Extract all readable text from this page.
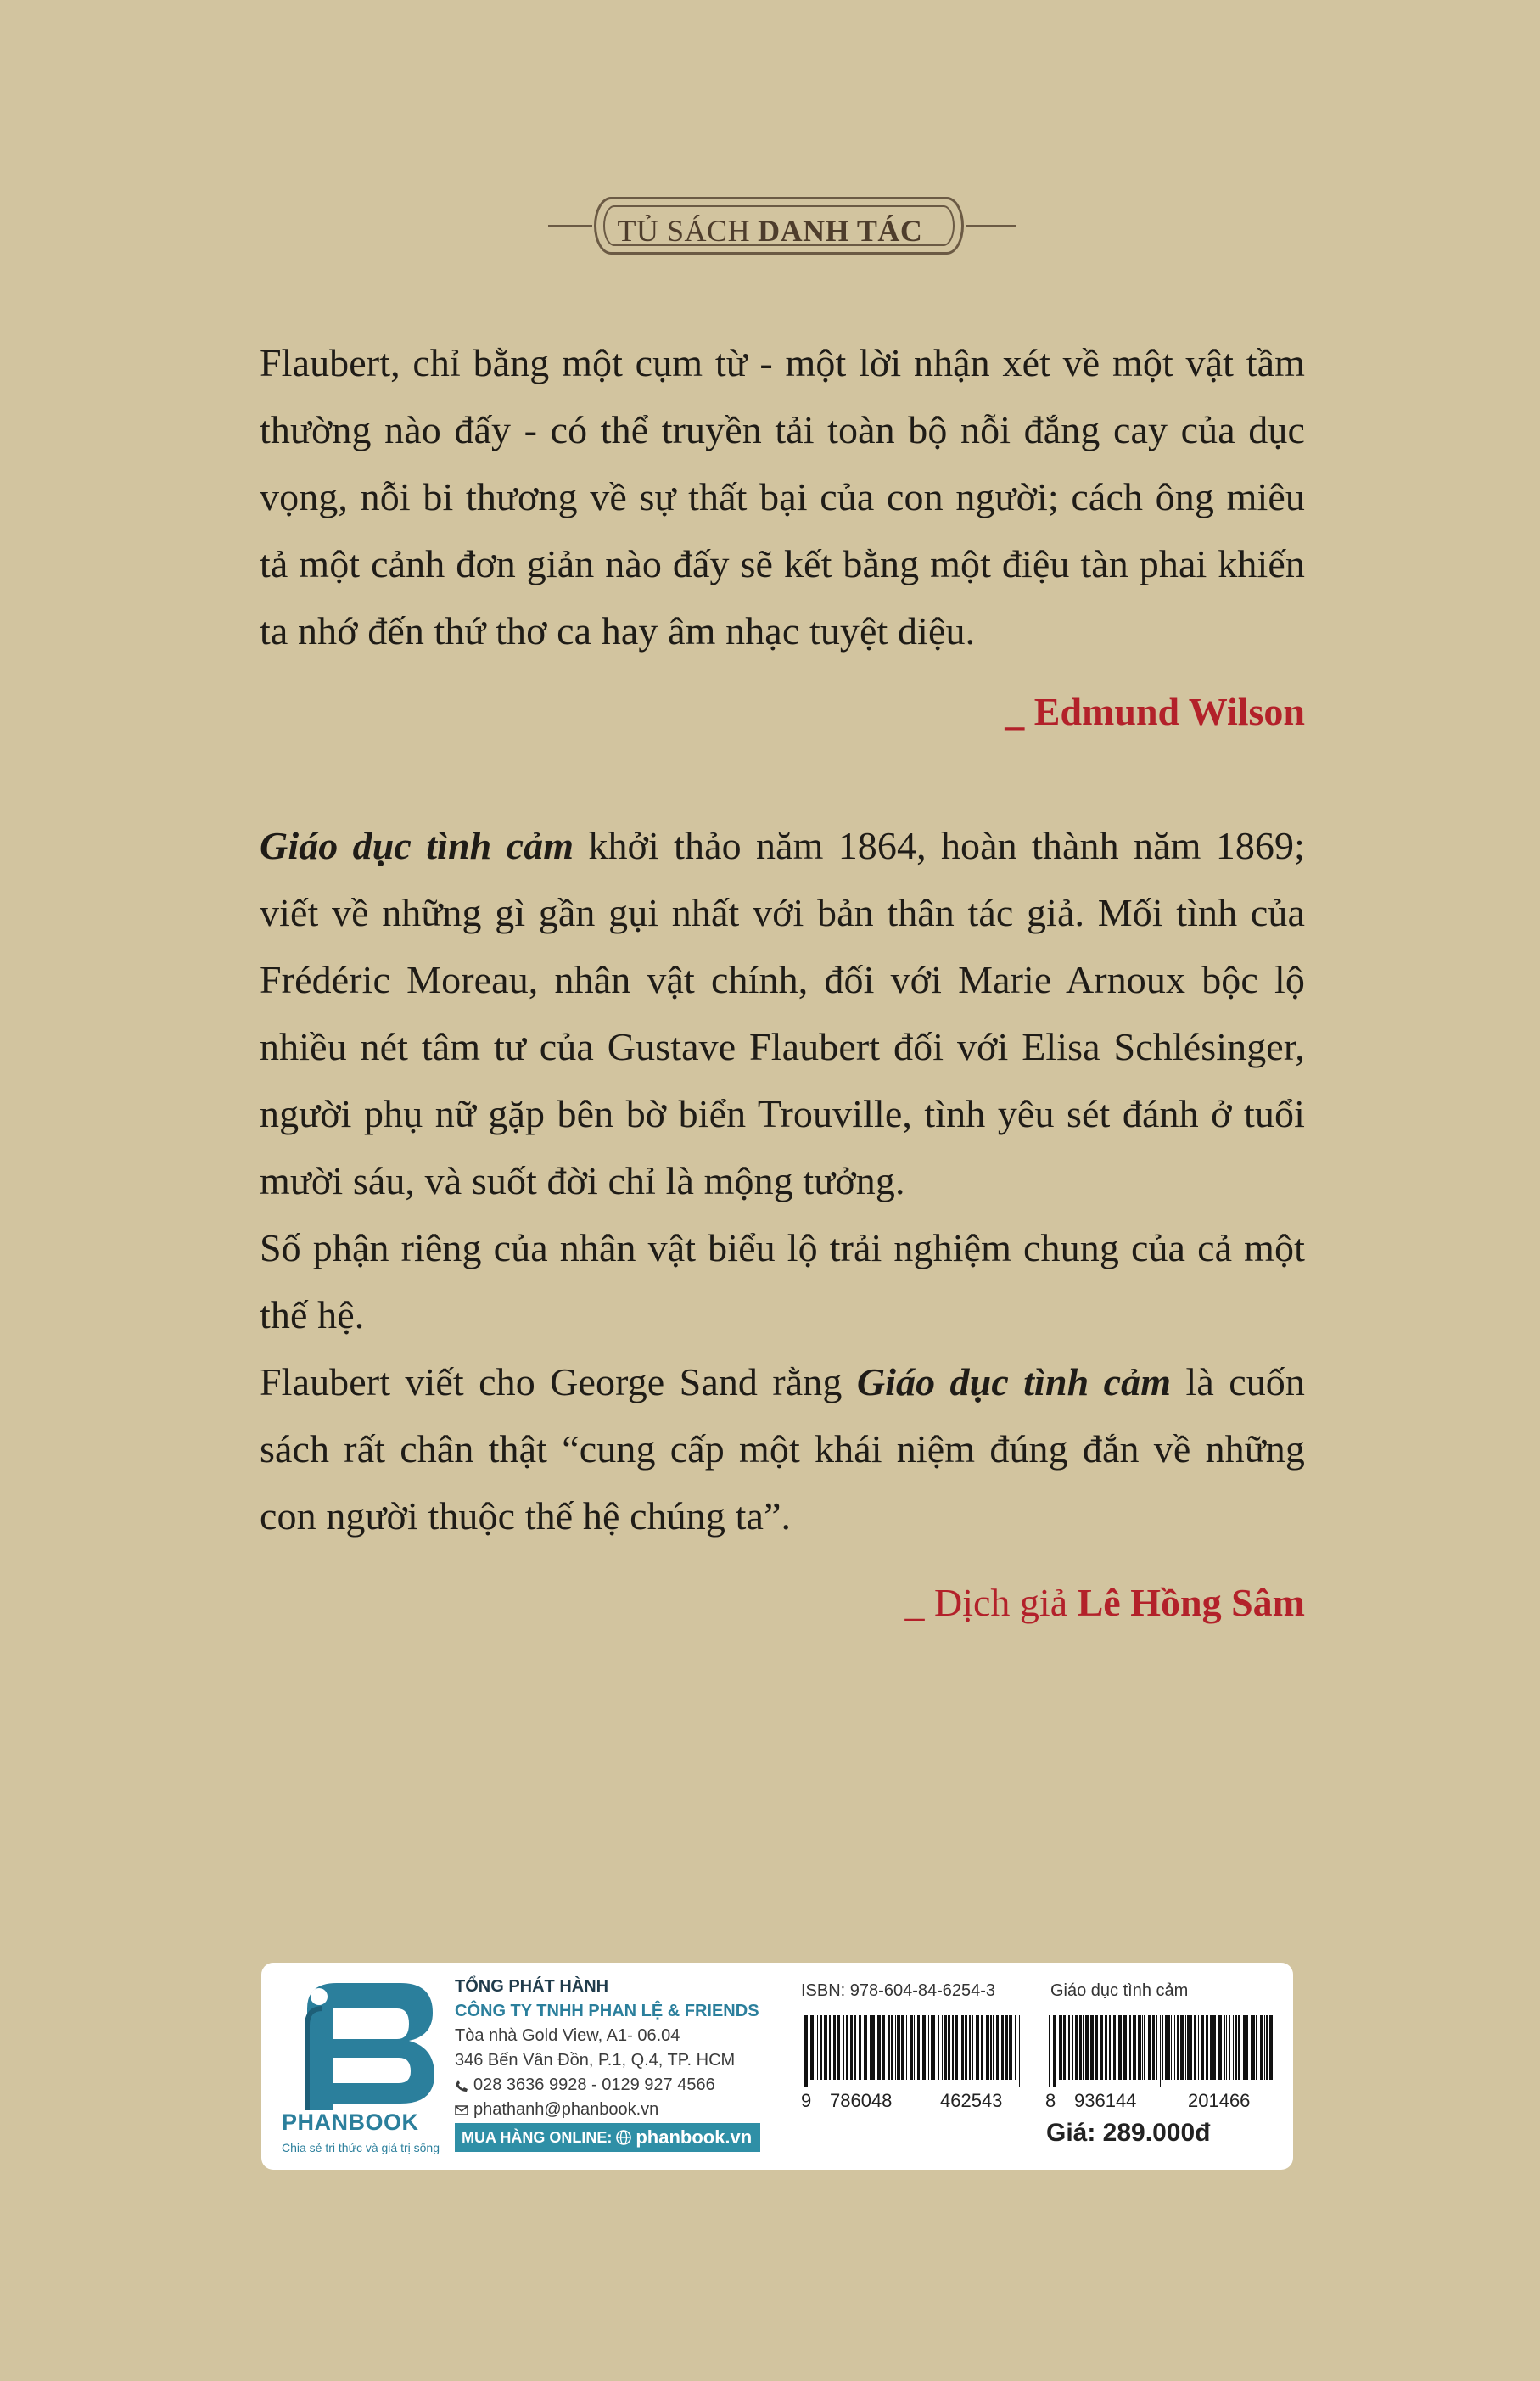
TỦ SÁCH DANH TÁC

Flaubert, chỉ bằng một cụm từ - một lời nhận xét về một vật tầm thường nào đấy - có thể truyền tải toàn bộ nỗi đắng cay của dục vọng, nỗi bi thương về sự thất bại của con người; cách ông miêu tả một cảnh đơn giản nào đấy sẽ kết bằng một điệu tàn phai khiến ta nhớ đến thứ thơ ca hay âm nhạc tuyệt diệu.

_ Edmund Wilson

Giáo dục tình cảm khởi thảo năm 1864, hoàn thành năm 1869; viết về những gì gần gụi nhất với bản thân tác giả. Mối tình của Frédéric Moreau, nhân vật chính, đối với Marie Arnoux bộc lộ nhiều nét tâm tư của Gustave Flaubert đối với Elisa Schlésinger, người phụ nữ gặp bên bờ biển Trouville, tình yêu sét đánh ở tuổi mười sáu, và suốt đời chỉ là mộng tưởng.

Số phận riêng của nhân vật biểu lộ trải nghiệm chung của cả một thế hệ.

Flaubert viết cho George Sand rằng Giáo dục tình cảm là cuốn sách rất chân thật “cung cấp một khái niệm đúng đắn về những con người thuộc thế hệ chúng ta”.

_ Dịch giả Lê Hồng Sâm
PHANBOOK
Chia sẻ tri thức và giá trị sống
TỔNG PHÁT HÀNH
CÔNG TY TNHH PHAN LỆ & FRIENDS
Tòa nhà Gold View, A1- 06.04
346 Bến Vân Đồn, P.1, Q.4, TP. HCM
028 3636 9928 - 0129 927 4566
phathanh@phanbook.vn
MUA HÀNG ONLINE: phanbook.vn
ISBN: 978-604-84-6254-3	Giáo dục tình cảm
9 786048	462543 8 936144	201466
Giá: 289.000đ
